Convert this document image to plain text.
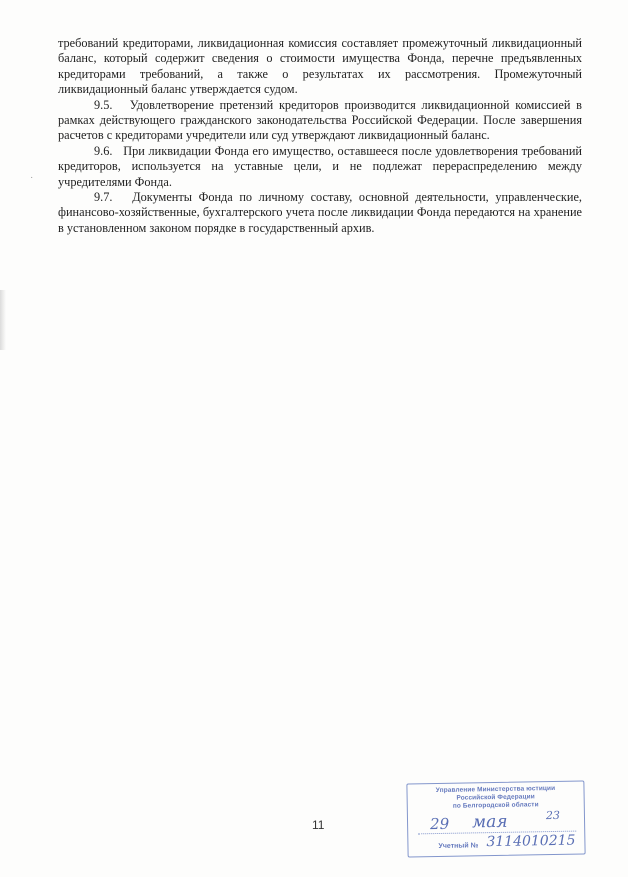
˙

требований кредиторами, ликвидационная комиссия составляет промежуточный ликвидационный баланс, который содержит сведения о стоимости имущества Фонда, перечне предъявленных кредиторами требований, а также о результатах их рассмотрения. Промежуточный ликвидационный баланс утверждается судом.

9.5.   Удовлетворение претензий кредиторов производится ликвидационной комиссией в рамках действующего гражданского законодательства Российской Федерации. После завершения расчетов с кредиторами учредители или суд утверждают ликвидационный баланс.

9.6.   При ликвидации Фонда его имущество, оставшееся после удовлетворения требований кредиторов, используется на уставные цели, и не подлежат перераспределению между учредителями Фонда.

9.7.   Документы Фонда по личному составу, основной деятельности, управленческие, финансово-хозяйственные, бухгалтерского учета после ликвидации Фонда передаются на хранение в установленном законом порядке в государственный архив.

11
Управление Министерства юстиции
Российской Федерации
по Белгородской области
29 мая	23
Учетный № 3114010215
